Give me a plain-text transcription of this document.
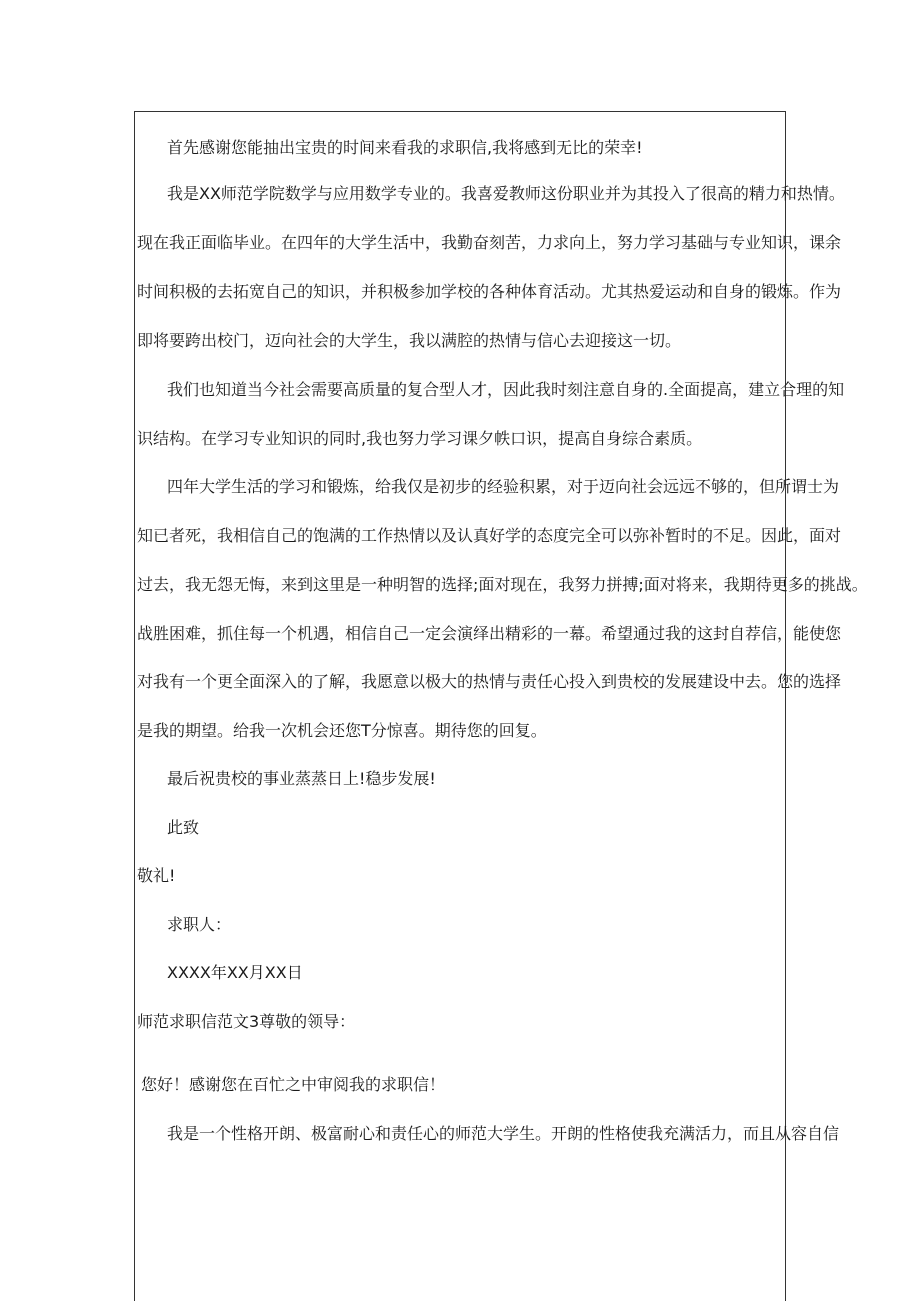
首先感谢您能抽出宝贵的时间来看我的求职信,我将感到无比的荣幸!
我是XX师范学院数学与应用数学专业的。我喜爱教师这份职业并为其投入了很高的精力和热情。
现在我正面临毕业。在四年的大学生活中，我勤奋刻苦，力求向上，努力学习基础与专业知识，课余
时间积极的去拓宽自己的知识，并积极参加学校的各种体育活动。尤其热爱运动和自身的锻炼。作为
即将要跨出校门，迈向社会的大学生，我以满腔的热情与信心去迎接这一切。
我们也知道当今社会需要高质量的复合型人才，因此我时刻注意自身的.全面提高，建立合理的知
识结构。在学习专业知识的同时,我也努力学习课夕帙口识，提高自身综合素质。
四年大学生活的学习和锻炼，给我仅是初步的经验积累，对于迈向社会远远不够的，但所谓士为
知已者死，我相信自己的饱满的工作热情以及认真好学的态度完全可以弥补暂时的不足。因此，面对
过去，我无怨无悔，来到这里是一种明智的选择;面对现在，我努力拼搏;面对将来，我期待更多的挑战。
战胜困难，抓住每一个机遇，相信自己一定会演绎出精彩的一幕。希望通过我的这封自荐信，能使您
对我有一个更全面深入的了解，我愿意以极大的热情与责任心投入到贵校的发展建设中去。您的选择
是我的期望。给我一次机会还您T分惊喜。期待您的回复。
最后祝贵校的事业蒸蒸日上!稳步发展!
此致
敬礼!
求职人：
XXXX年XX月XX日
师范求职信范文3尊敬的领导：
您好！感谢您在百忙之中审阅我的求职信！
我是一个性格开朗、极富耐心和责任心的师范大学生。开朗的性格使我充满活力，而且从容自信
